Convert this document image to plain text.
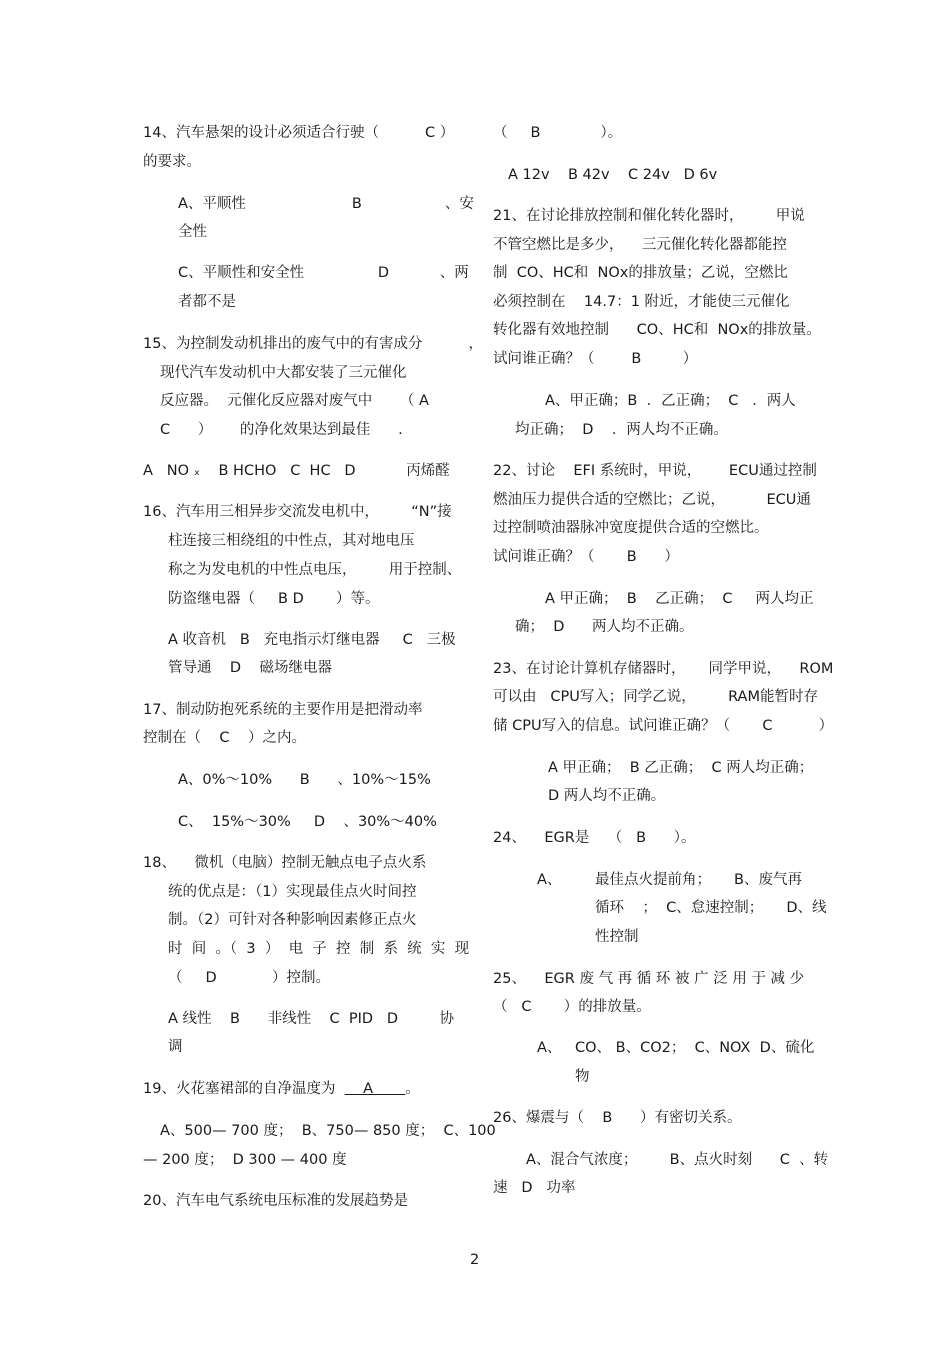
14、汽车悬架的设计必须适合行驶（          C ）
的要求。
A、平顺性                       B                  、安
全性
C、平顺性和安全性                D           、两
者都不是
15、为控制发动机排出的废气中的有害成分          ，
现代汽车发动机中大都安装了三元催化
反应器。  元催化反应器对废气中      （ A
C      ）      的净化效果达到最佳      .
A   NO ₓ    B HCHO   C  HC   D           丙烯醛
16、汽车用三相异步交流发电机中，       “N”接
柱连接三相绕组的中性点，其对地电压
称之为发电机的中性点电压，       用于控制、
防盗继电器（     B D       ）等。
A 收音机   B   充电指示灯继电器     C   三极
管导通    D    磁场继电器
17、制动防抱死系统的主要作用是把滑动率
控制在（    C    ）之内。
A、0%～10%      B      、10%～15%
C、  15%～30%     D    、30%～40%
18、    微机（电脑）控制无触点电子点火系
统的优点是：（1）实现最佳点火时间控
制。（2）可针对各种影响因素修正点火
时  间  。（  3  ）  电  子  控  制  系  统  实  现
（     D            ）控制。
A 线性    B      非线性    C  PID   D         协
调
19、火花塞裙部的自净温度为      A       。
A、500— 700 度；  B、750— 850 度；  C、100
— 200 度；  D 300 — 400 度
20、汽车电气系统电压标准的发展趋势是
（     B             ）。
A 12v    B 42v    C 24v   D 6v
21、在讨论排放控制和催化转化器时，       甲说
不管空燃比是多少，    三元催化转化器都能控
制  CO、HC和  NOx的排放量；乙说，空燃比
必须控制在    14.7：1 附近，才能使三元催化
转化器有效地控制      CO、HC和  NOx的排放量。
试问谁正确？（        B         ）
A、甲正确；B  ．乙正确；  C   ．两人
均正确；  D    ．两人均不正确。
22、讨论    EFI 系统时，甲说，      ECU通过控制
燃油压力提供合适的空燃比；乙说，         ECU通
过控制喷油器脉冲宽度提供合适的空燃比。
试问谁正确？（       B      ）
A 甲正确；  B    乙正确；  C     两人均正
确；  D      两人均不正确。
23、在讨论计算机存储器时，     同学甲说，    ROM
可以由   CPU写入；同学乙说，       RAM能暂时存
储 CPU写入的信息。试问谁正确？（       C          ）
A 甲正确；  B 乙正确；  C 两人均正确；
D 两人均不正确。
24、    EGR是    （   B      ）。
A、 最佳点火提前角；     B、废气再
循环    ；  C、怠速控制；     D、线
性控制
25、    EGR 废 气 再 循 环 被 广 泛 用 于 减 少
（   C       ）的排放量。
A、 CO、 B、CO2；  C、NOX  D、硫化
物
26、爆震与（    B      ）有密切关系。
A、混合气浓度；       B、点火时刻      C  、转
速   D   功率
2
